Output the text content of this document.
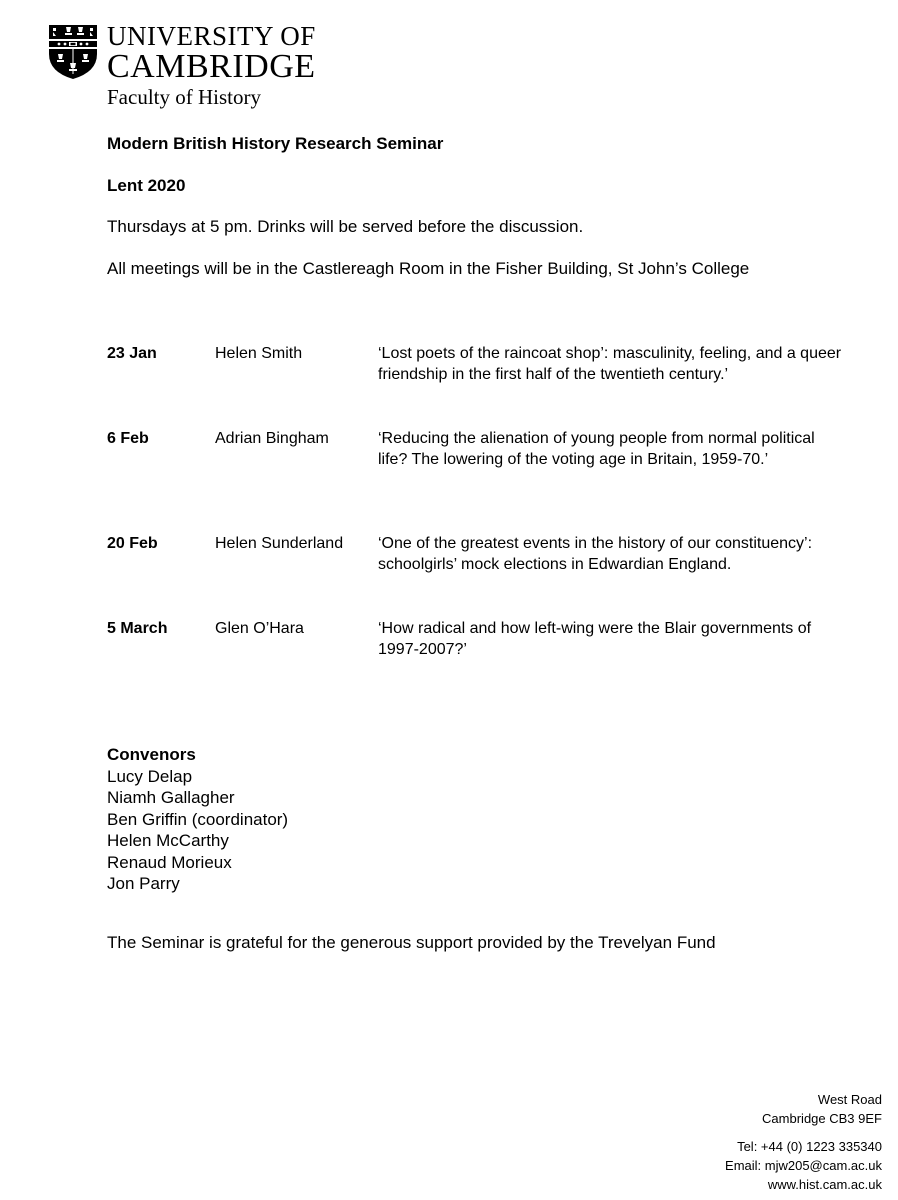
UNIVERSITY OF
CAMBRIDGE
Faculty of History
Modern British History Research Seminar
Lent 2020
Thursdays at 5 pm. Drinks will be served before the discussion.
All meetings will be in the Castlereagh Room in the Fisher Building, St John’s College
23 Jan	Helen Smith	‘Lost poets of the raincoat shop’: masculinity, feeling, and a queer friendship in the first half of the twentieth century.’
6 Feb	Adrian Bingham	‘Reducing the alienation of young people from normal political life? The lowering of the voting age in Britain, 1959-70.’
20 Feb	Helen Sunderland ‘One of the greatest events in the history of our constituency’: schoolgirls’ mock elections in Edwardian England.
5 March	Glen O’Hara	‘How radical and how left-wing were the Blair governments of 1997-2007?’
Convenors
Lucy Delap
Niamh Gallagher
Ben Griffin (coordinator)
Helen McCarthy
Renaud Morieux
Jon Parry
The Seminar is grateful for the generous support provided by the Trevelyan Fund
West Road
Cambridge CB3 9EF
Tel: +44 (0) 1223 335340
Email: mjw205@cam.ac.uk
www.hist.cam.ac.uk
